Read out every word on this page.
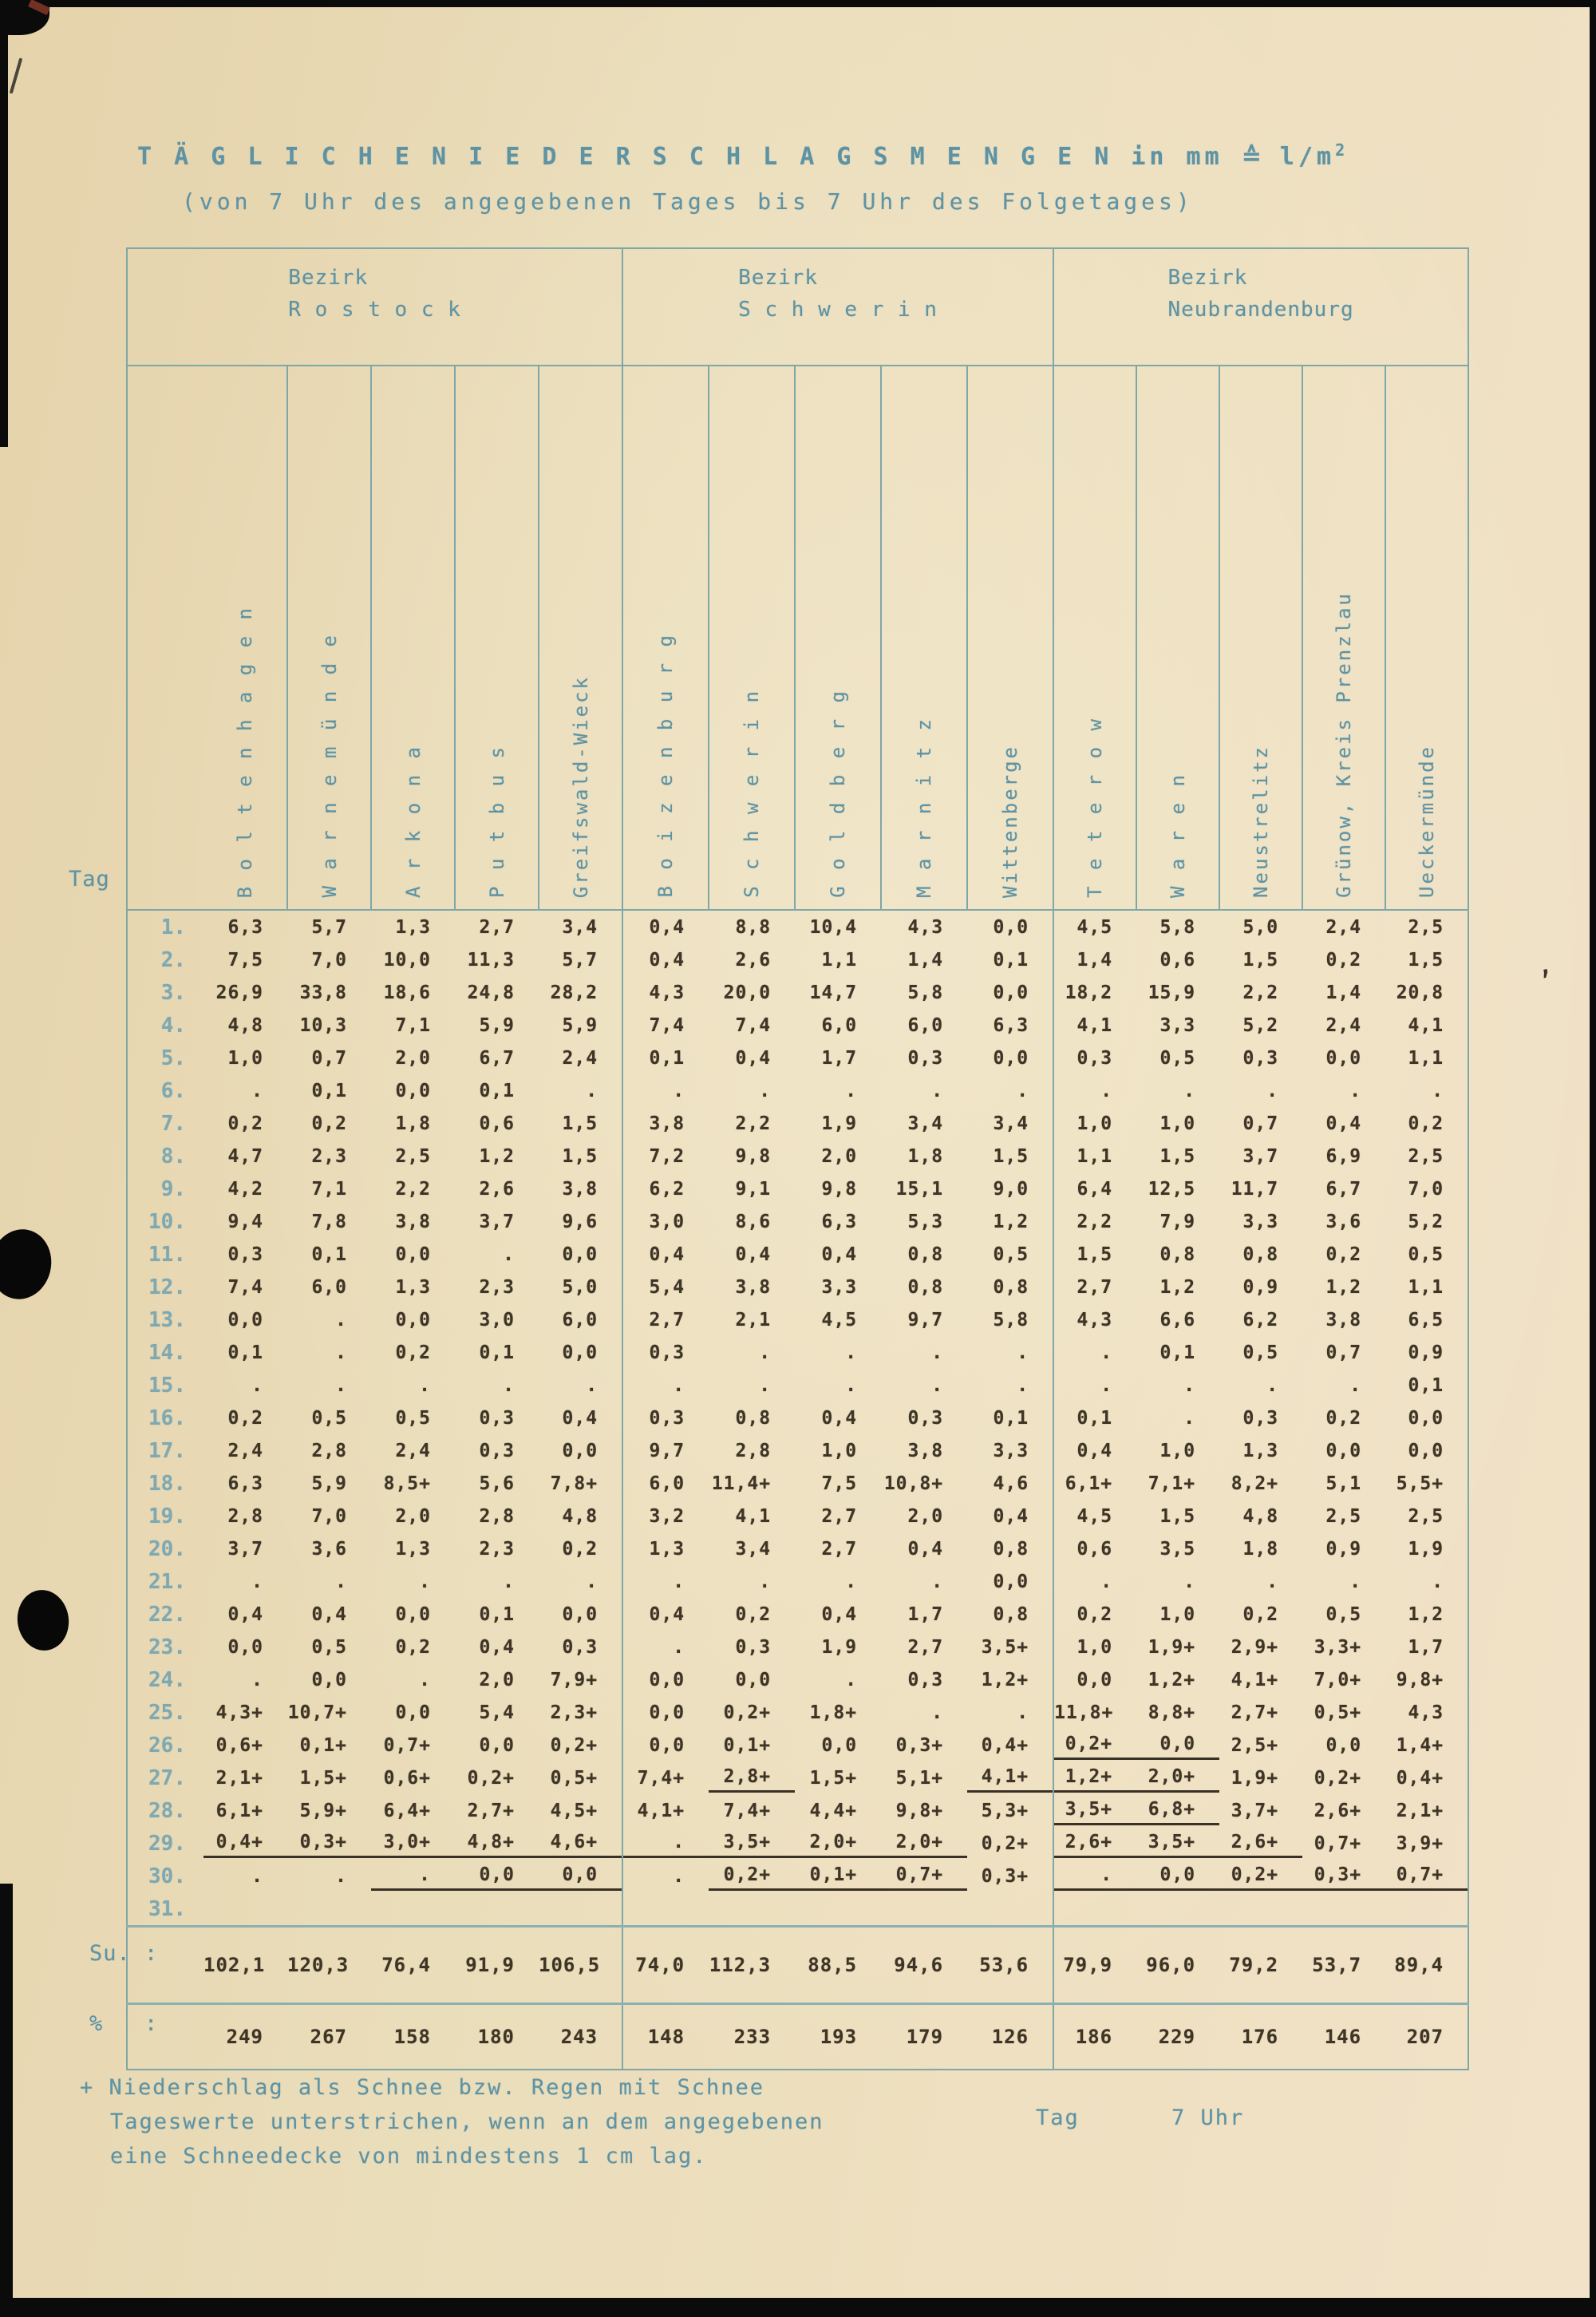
,
T Ä G L I C H E N I E D E R S C H L A G S M E N G E N in mm ≙ $l/m^2$
(von 7 Uhr des angegebenen Tages bis 7 Uhr des Folgetages)
Tag
Su. :
%   :
Bezirk
R o s t o c k

Bezirk
S c h w e r i n

Bezirk
Neubrandenburg

	B o l t e n h a g e n	W a r n e m ü n d e	A r k o n a	P u t b u s	Greifswald-Wieck	B o i z e n b u r g	S c h w e r i n	G o l d b e r g	M a r n i t z	Wittenberge	T e t e r o w	W a r e n	Neustrelitz	Grünow, Kreis Prenzlau	Ueckermünde

1.	6,3	5,7	1,3	2,7	3,4	0,4	8,8	10,4	4,3	0,0	4,5	5,8	5,0	2,4	2,5

2.	7,5	7,0	10,0	11,3	5,7	0,4	2,6	1,1	1,4	0,1	1,4	0,6	1,5	0,2	1,5

3.	26,9	33,8	18,6	24,8	28,2	4,3	20,0	14,7	5,8	0,0	18,2	15,9	2,2	1,4	20,8

4.	4,8	10,3	7,1	5,9	5,9	7,4	7,4	6,0	6,0	6,3	4,1	3,3	5,2	2,4	4,1

5.	1,0	0,7	2,0	6,7	2,4	0,1	0,4	1,7	0,3	0,0	0,3	0,5	0,3	0,0	1,1

6.	.	0,1	0,0	0,1	.	.	.	.	.	.	.	.	.	.	.

7.	0,2	0,2	1,8	0,6	1,5	3,8	2,2	1,9	3,4	3,4	1,0	1,0	0,7	0,4	0,2

8.	4,7	2,3	2,5	1,2	1,5	7,2	9,8	2,0	1,8	1,5	1,1	1,5	3,7	6,9	2,5

9.	4,2	7,1	2,2	2,6	3,8	6,2	9,1	9,8	15,1	9,0	6,4	12,5	11,7	6,7	7,0

10.	9,4	7,8	3,8	3,7	9,6	3,0	8,6	6,3	5,3	1,2	2,2	7,9	3,3	3,6	5,2

11.	0,3	0,1	0,0	.	0,0	0,4	0,4	0,4	0,8	0,5	1,5	0,8	0,8	0,2	0,5

12.	7,4	6,0	1,3	2,3	5,0	5,4	3,8	3,3	0,8	0,8	2,7	1,2	0,9	1,2	1,1

13.	0,0	.	0,0	3,0	6,0	2,7	2,1	4,5	9,7	5,8	4,3	6,6	6,2	3,8	6,5

14.	0,1	.	0,2	0,1	0,0	0,3	.	.	.	.	.	0,1	0,5	0,7	0,9

15.	.	.	.	.	.	.	.	.	.	.	.	.	.	.	0,1

16.	0,2	0,5	0,5	0,3	0,4	0,3	0,8	0,4	0,3	0,1	0,1	.	0,3	0,2	0,0

17.	2,4	2,8	2,4	0,3	0,0	9,7	2,8	1,0	3,8	3,3	0,4	1,0	1,3	0,0	0,0

18.	6,3	5,9	8,5+	5,6	7,8+	6,0	11,4+	7,5	10,8+	4,6	6,1+	7,1+	8,2+	5,1	5,5+

19.	2,8	7,0	2,0	2,8	4,8	3,2	4,1	2,7	2,0	0,4	4,5	1,5	4,8	2,5	2,5

20.	3,7	3,6	1,3	2,3	0,2	1,3	3,4	2,7	0,4	0,8	0,6	3,5	1,8	0,9	1,9

21.	.	.	.	.	.	.	.	.	.	0,0	.	.	.	.	.

22.	0,4	0,4	0,0	0,1	0,0	0,4	0,2	0,4	1,7	0,8	0,2	1,0	0,2	0,5	1,2

23.	0,0	0,5	0,2	0,4	0,3	.	0,3	1,9	2,7	3,5+	1,0	1,9+	2,9+	3,3+	1,7

24.	.	0,0	.	2,0	7,9+	0,0	0,0	.	0,3	1,2+	0,0	1,2+	4,1+	7,0+	9,8+

25.	4,3+	10,7+	0,0	5,4	2,3+	0,0	0,2+	1,8+	.	.	11,8+	8,8+	2,7+	0,5+	4,3

26.	0,6+	0,1+	0,7+	0,0	0,2+	0,0	0,1+	0,0	0,3+	0,4+	0,2+	0,0	2,5+	0,0	1,4+

27.	2,1+	1,5+	0,6+	0,2+	0,5+	7,4+	2,8+	1,5+	5,1+	4,1+	1,2+	2,0+	1,9+	0,2+	0,4+

28.	6,1+	5,9+	6,4+	2,7+	4,5+	4,1+	7,4+	4,4+	9,8+	5,3+	3,5+	6,8+	3,7+	2,6+	2,1+

29.	0,4+	0,3+	3,0+	4,8+	4,6+	.	3,5+	2,0+	2,0+	0,2+	2,6+	3,5+	2,6+	0,7+	3,9+

30.	.	.	.	0,0	0,0	.	0,2+	0,1+	0,7+	0,3+	.	0,0	0,2+	0,3+	0,7+

31.															

	102,1	120,3	76,4	91,9	106,5	74,0	112,3	88,5	94,6	53,6	79,9	96,0	79,2	53,7	89,4

	249	267	158	180	243	148	233	193	179	126	186	229	176	146	207
+ Niederschlag als Schnee bzw. Regen mit Schnee
Tageswerte unterstrichen, wenn an dem angegebenen
eine Schneedecke von mindestens 1 cm lag.
Tag	7 Uhr
